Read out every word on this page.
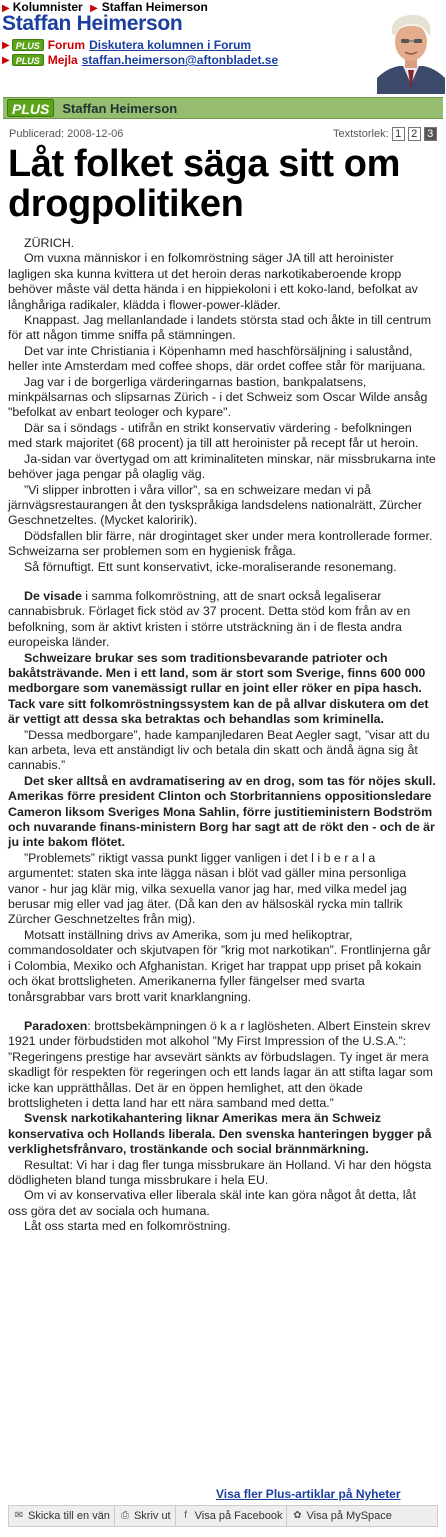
▶ Kolumnister ▶ Staffan Heimerson
Staffan Heimerson
▶ PLUS Forum Diskutera kolumnen i Forum
▶ PLUS Mejla staffan.heimerson@aftonbladet.se
PLUS	Staffan Heimerson
Publicerad: 2008-12-06	Textstorlek: 1 2 3
Låt folket säga sitt om drogpolitiken

ZÜRICH.

Om vuxna människor i en folkomröstning säger JA till att heroinister lagligen ska kunna kvittera ut det heroin deras narkotikaberoende kropp behöver måste väl detta hända i en hippiekoloni i ett koko-land, befolkat av långhåriga radikaler, klädda i flower-power-kläder.

Knappast. Jag mellanlandade i landets största stad och åkte in till centrum för att någon timme sniffa på stämningen.

Det var inte Christiania i Köpenhamn med haschförsäljning i salustånd, heller inte Amsterdam med coffee shops, där ordet coffee står för marijuana.

Jag var i de borgerliga värderingarnas bastion, bankpalatsens, minkpälsarnas och slipsarnas Zürich - i det Schweiz som Oscar Wilde ansåg "befolkat av enbart teologer och kypare".

Där sa i söndags - utifrån en strikt konservativ värdering - befolkningen med stark majoritet (68 procent) ja till att heroinister på recept får ut heroin.

Ja-sidan var övertygad om att kriminaliteten minskar, när missbrukarna inte behöver jaga pengar på olaglig väg.

”Vi slipper inbrotten i våra villor”, sa en schweizare medan vi på järnvägsrestaurangen åt den tyskspråkiga landsdelens nationalrätt, Zürcher Geschnetzeltes. (Mycket kaloririk).

Dödsfallen blir färre, när drogintaget sker under mera kontrollerade former. Schweizarna ser problemen som en hygienisk fråga.

Så förnuftigt. Ett sunt konservativt, icke-moraliserande resonemang.

De visade i samma folkomröstning, att de snart också legaliserar cannabisbruk. Förlaget fick stöd av 37 procent. Detta stöd kom från av en befolkning, som är aktivt kristen i större utsträckning än i de flesta andra europeiska länder.

Schweizare brukar ses som traditionsbevarande patrioter och bakåtsträvande. Men i ett land, som är stort som Sverige, finns 600 000 medborgare som vanemässigt rullar en joint eller röker en pipa hasch. Tack vare sitt folkomröstningssystem kan de på allvar diskutera om det är vettigt att dessa ska betraktas och behandlas som kriminella.

”Dessa medborgare”, hade kampanjledaren Beat Aegler sagt, ”visar att du kan arbeta, leva ett anständigt liv och betala din skatt och ändå ägna sig åt cannabis.”

Det sker alltså en avdramatisering av en drog, som tas för nöjes skull. Amerikas förre president Clinton och Storbritanniens oppositionsledare Cameron liksom Sveriges Mona Sahlin, förre justitieministern Bodström och nuvarande finans-ministern Borg har sagt att de rökt den - och de är ju inte bakom flötet.

”Problemets” riktigt vassa punkt ligger vanligen i det l i b e r a l a argumentet: staten ska inte lägga näsan i blöt vad gäller mina personliga vanor - hur jag klär mig, vilka sexuella vanor jag har, med vilka medel jag berusar mig eller vad jag äter. (Då kan den av hälsoskäl rycka min tallrik Zürcher Geschnetzeltes från mig).

Motsatt inställning drivs av Amerika, som ju med helikoptrar, commandosoldater och skjutvapen för ”krig mot narkotikan”. Frontlinjerna går i Colombia, Mexiko och Afghanistan. Kriget har trappat upp priset på kokain och ökat brottsligheten. Amerikanerna fyller fängelser med svarta tonårsgrabbar vars brott varit knarklangning.

Paradoxen: brottsbekämpningen ö k a r laglösheten. Albert Einstein skrev 1921 under förbudstiden mot alkohol ”My First Impression of the U.S.A.”: ”Regeringens prestige har avsevärt sänkts av förbudslagen. Ty inget är mera skadligt för respekten för regeringen och ett lands lagar än att stifta lagar som icke kan upprätthållas. Det är en öppen hemlighet, att den ökade brottsligheten i detta land har ett nära samband med detta.”

Svensk narkotikahantering liknar Amerikas mera än Schweiz konservativa och Hollands liberala. Den svenska hanteringen bygger på verklighetsfrånvaro, trostänkande och social brännmärkning.

Resultat: Vi har i dag fler tunga missbrukare än Holland. Vi har den högsta dödligheten bland tunga missbrukare i hela EU.

Om vi av konservativa eller liberala skäl inte kan göra något åt detta, låt oss göra det av sociala och humana.

Låt oss starta med en folkomröstning.

Visa fler Plus-artiklar på Nyheter
✉ Skicka till en vän ⎙ Skriv ut	f Visa på Facebook ✿ Visa på MySpace
